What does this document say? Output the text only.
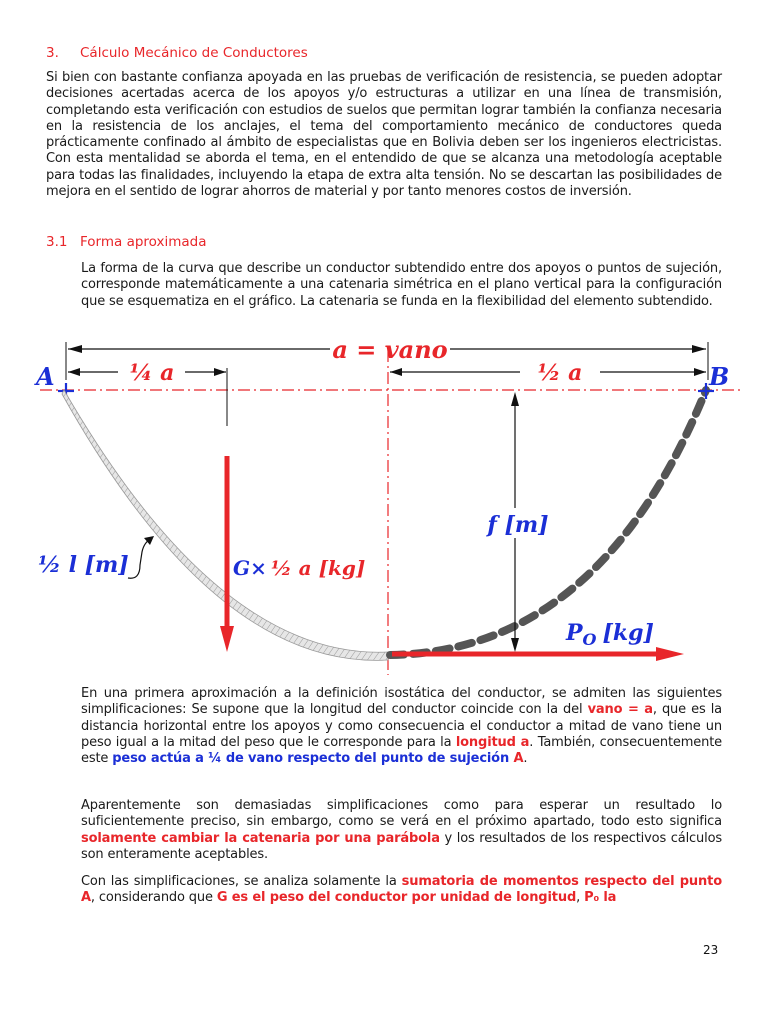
3. Cálculo Mecánico de Conductores

Si bien con bastante confianza apoyada en las pruebas de verificación de resistencia, se pueden adoptar decisiones acertadas acerca de los apoyos y/o estructuras a utilizar en una línea de transmisión, completando esta verificación con estudios de suelos que permitan lograr también la confianza necesaria en la resistencia de los anclajes, el tema del comportamiento mecánico de conductores queda prácticamente confinado al ámbito de especialistas que en Bolivia deben ser los ingenieros electricistas. Con esta mentalidad se aborda el tema, en el entendido de que se alcanza una metodología aceptable para todas las finalidades, incluyendo la etapa de extra alta tensión. No se descartan las posibilidades de mejora en el sentido de lograr ahorros de material y por tanto menores costos de inversión.

3.1 Forma aproximada

La forma de la curva que describe un conductor subtendido entre dos apoyos o puntos de sujeción, corresponde matemáticamente a una catenaria simétrica en el plano vertical para la configuración que se esquematiza en el gráfico. La catenaria se funda en la flexibilidad del elemento subtendido.

a = vano
¼ a	½ a
A	B
f [m]
G× ½ a [kg]
$P_O$ [kg]
½ l [m]

En una primera aproximación a la definición isostática del conductor, se admiten las siguientes simplificaciones: Se supone que la longitud del conductor coincide con la del vano = a, que es la distancia horizontal entre los apoyos y como consecuencia el conductor a mitad de vano tiene un peso igual a la mitad del peso que le corresponde para la longitud a. También, consecuentemente este peso actúa a ¼ de vano respecto del punto de sujeción A.

Aparentemente son demasiadas simplificaciones como para esperar un resultado lo suficientemente preciso, sin embargo, como se verá en el próximo apartado, todo esto significa solamente cambiar la catenaria por una parábola y los resultados de los respectivos cálculos son enteramente aceptables.

Con las simplificaciones, se analiza solamente la sumatoria de momentos respecto del punto A, considerando que G es el peso del conductor por unidad de longitud, P₀ la

23
